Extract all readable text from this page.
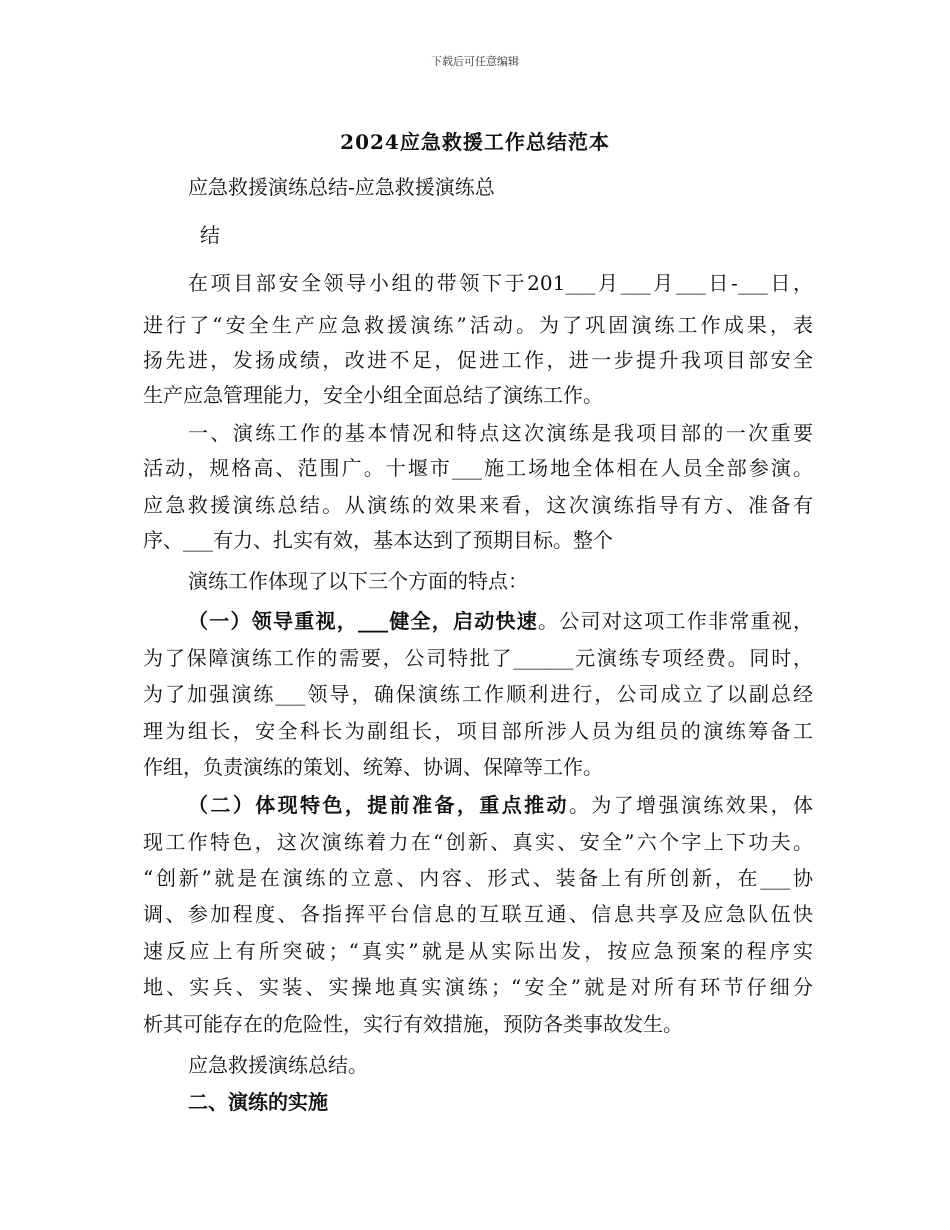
下载后可任意编辑
2024应急救援工作总结范本
应急救援演练总结-应急救援演练总
结
在项目部安全领导小组的带领下于201___月___月___日-___日，
进行了“安全生产应急救援演练”活动。为了巩固演练工作成果，表
扬先进，发扬成绩，改进不足，促进工作，进一步提升我项目部安全
生产应急管理能力，安全小组全面总结了演练工作。
一、演练工作的基本情况和特点这次演练是我项目部的一次重要
活动，规格高、范围广。十堰市___施工场地全体相在人员全部参演。
应急救援演练总结。从演练的效果来看，这次演练指导有方、准备有
序、___有力、扎实有效，基本达到了预期目标。整个
演练工作体现了以下三个方面的特点：
（一）领导重视，___健全，启动快速。公司对这项工作非常重视，
为了保障演练工作的需要，公司特批了______元演练专项经费。同时，
为了加强演练___领导，确保演练工作顺利进行，公司成立了以副总经
理为组长，安全科长为副组长，项目部所涉人员为组员的演练筹备工
作组，负责演练的策划、统筹、协调、保障等工作。
（二）体现特色，提前准备，重点推动。为了增强演练效果，体
现工作特色，这次演练着力在“创新、真实、安全”六个字上下功夫。
“创新”就是在演练的立意、内容、形式、装备上有所创新，在___协
调、参加程度、各指挥平台信息的互联互通、信息共享及应急队伍快
速反应上有所突破；“真实”就是从实际出发，按应急预案的程序实
地、实兵、实装、实操地真实演练；“安全”就是对所有环节仔细分
析其可能存在的危险性，实行有效措施，预防各类事故发生。
应急救援演练总结。
二、演练的实施
